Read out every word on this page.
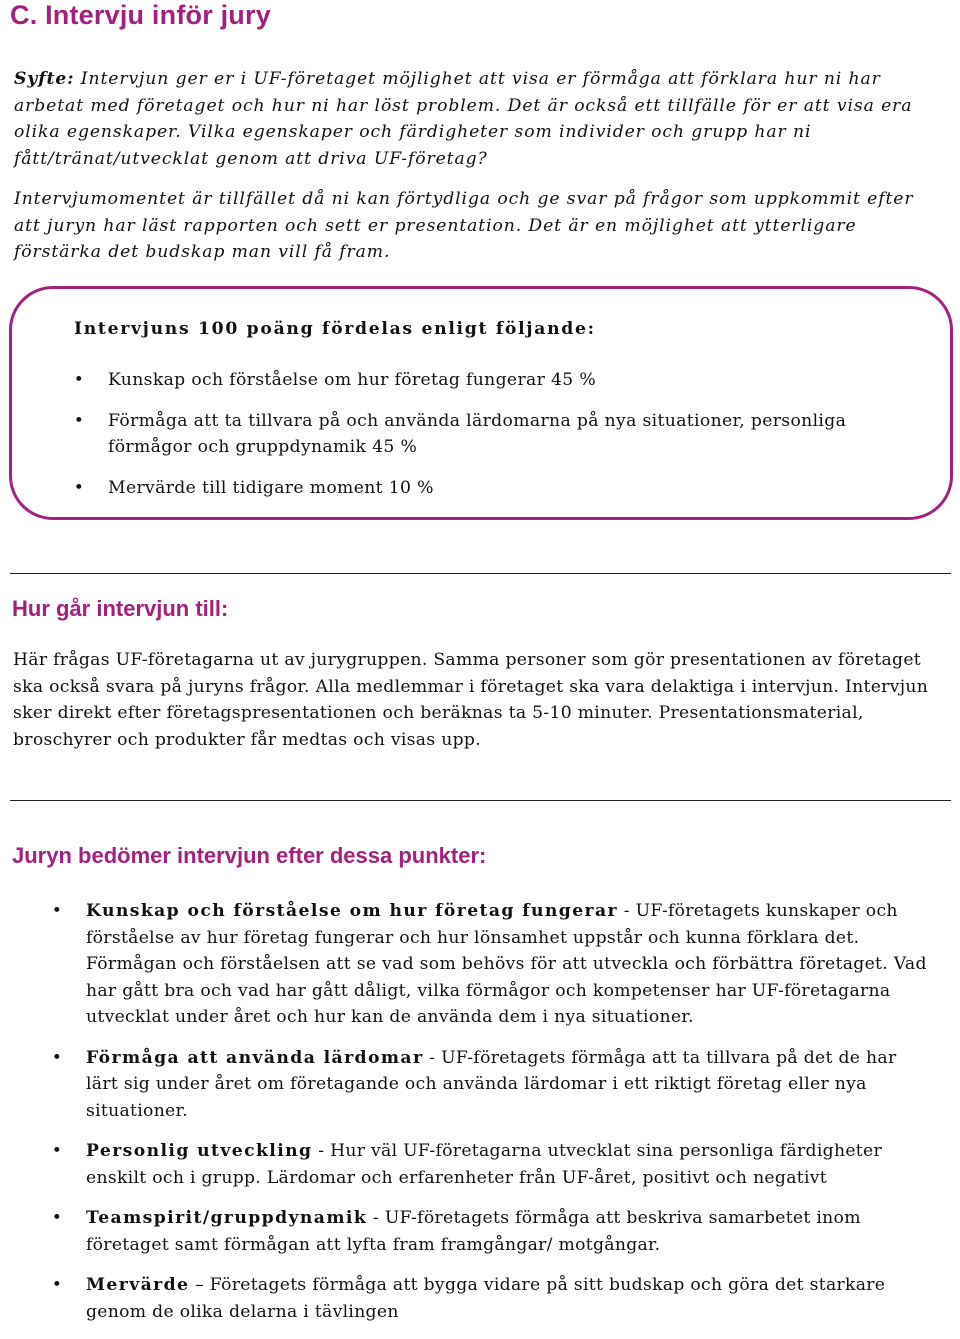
C. Intervju inför jury

Syfte: Intervjun ger er i UF-företaget möjlighet att visa er förmåga att förklara hur ni har arbetat med företaget och hur ni har löst problem. Det är också ett tillfälle för er att visa era olika egenskaper. Vilka egenskaper och färdigheter som individer och grupp har ni fått/tränat/utvecklat genom att driva UF-företag?

Intervjumomentet är tillfället då ni kan förtydliga och ge svar på frågor som uppkommit efter att juryn har läst rapporten och sett er presentation. Det är en möjlighet att ytterligare förstärka det budskap man vill få fram.

Intervjuns 100 poäng fördelas enligt följande:
• Kunskap och förståelse om hur företag fungerar 45 %
• Förmåga att ta tillvara på och använda lärdomarna på nya situationer, personliga förmågor och gruppdynamik 45 %
• Mervärde till tidigare moment 10 %
Hur går intervjun till:

Här frågas UF-företagarna ut av jurygruppen. Samma personer som gör presentationen av företaget ska också svara på juryns frågor. Alla medlemmar i företaget ska vara delaktiga i intervjun. Intervjun sker direkt efter företagspresentationen och beräknas ta 5-10 minuter. Presentationsmaterial, broschyrer och produkter får medtas och visas upp.

Juryn bedömer intervjun efter dessa punkter:
• Kunskap och förståelse om hur företag fungerar - UF-företagets kunskaper och förståelse av hur företag fungerar och hur lönsamhet uppstår och kunna förklara det. Förmågan och förståelsen att se vad som behövs för att utveckla och förbättra företaget. Vad har gått bra och vad har gått dåligt, vilka förmågor och kompetenser har UF-företagarna utvecklat under året och hur kan de använda dem i nya situationer.
• Förmåga att använda lärdomar - UF-företagets förmåga att ta tillvara på det de har lärt sig under året om företagande och använda lärdomar i ett riktigt företag eller nya situationer.
• Personlig utveckling - Hur väl UF-företagarna utvecklat sina personliga färdigheter enskilt och i grupp. Lärdomar och erfarenheter från UF-året, positivt och negativt
• Teamspirit/gruppdynamik - UF-företagets förmåga att beskriva samarbetet inom företaget samt förmågan att lyfta fram framgångar/ motgångar.
• Mervärde – Företagets förmåga att bygga vidare på sitt budskap och göra det starkare genom de olika delarna i tävlingen
